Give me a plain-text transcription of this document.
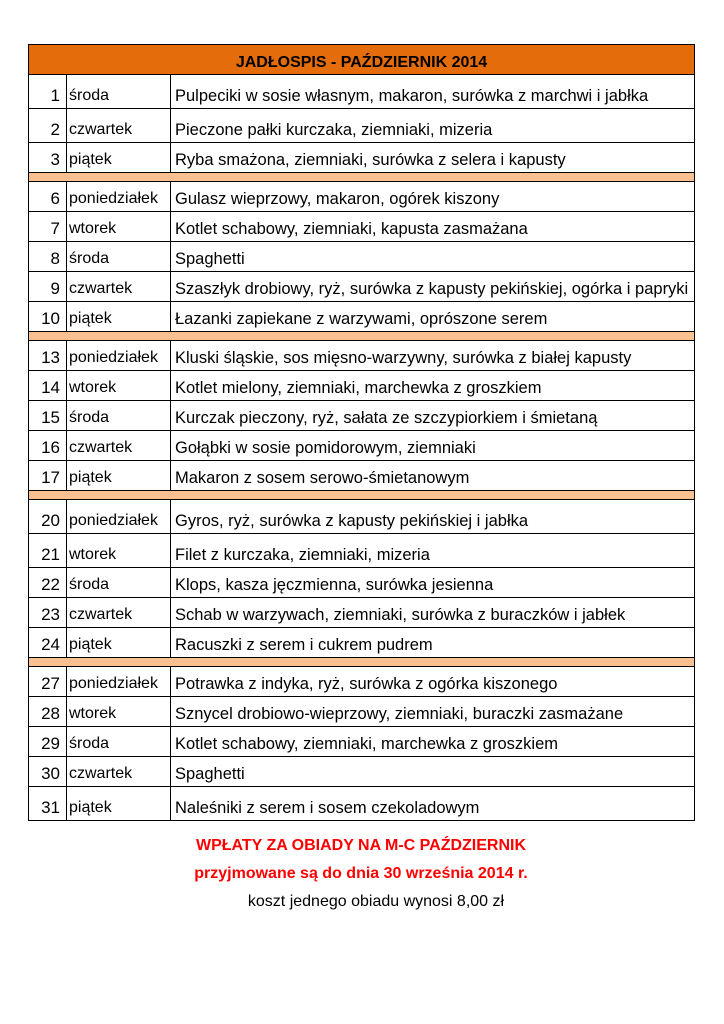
JADŁOSPIS - PAŹDZIERNIK 2014		
1	środa	Pulpeciki w sosie własnym, makaron, surówka z marchwi i jabłka
2	czwartek	Pieczone pałki kurczaka, ziemniaki, mizeria
3	piątek	Ryba smażona, ziemniaki, surówka z selera i kapusty

6	poniedziałek	Gulasz wieprzowy, makaron, ogórek kiszony
7	wtorek	Kotlet schabowy, ziemniaki, kapusta zasmażana
8	środa	Spaghetti
9	czwartek	Szaszłyk drobiowy, ryż, surówka z kapusty pekińskiej, ogórka i papryki
10	piątek	Łazanki zapiekane z warzywami, oprószone serem

13	poniedziałek	Kluski śląskie, sos mięsno-warzywny, surówka z białej kapusty
14	wtorek	Kotlet mielony, ziemniaki, marchewka z groszkiem
15	środa	Kurczak pieczony, ryż, sałata ze szczypiorkiem i śmietaną
16	czwartek	Gołąbki w sosie pomidorowym, ziemniaki
17	piątek	Makaron z sosem serowo-śmietanowym

20	poniedziałek	Gyros, ryż, surówka z kapusty pekińskiej i jabłka
21	wtorek	Filet z kurczaka, ziemniaki, mizeria
22	środa	Klops, kasza jęczmienna, surówka jesienna
23	czwartek	Schab w warzywach, ziemniaki, surówka z buraczków i jabłek
24	piątek	Racuszki z serem i cukrem pudrem

27	poniedziałek	Potrawka z indyka, ryż, surówka z ogórka kiszonego
28	wtorek	Sznycel drobiowo-wieprzowy, ziemniaki, buraczki zasmażane
29	środa	Kotlet schabowy, ziemniaki, marchewka z groszkiem
30	czwartek	Spaghetti
31	piątek	Naleśniki z serem i sosem czekoladowym
WPŁATY ZA OBIADY NA M-C PAŹDZIERNIK
przyjmowane są do dnia 30 września 2014 r.
koszt jednego obiadu wynosi 8,00 zł
